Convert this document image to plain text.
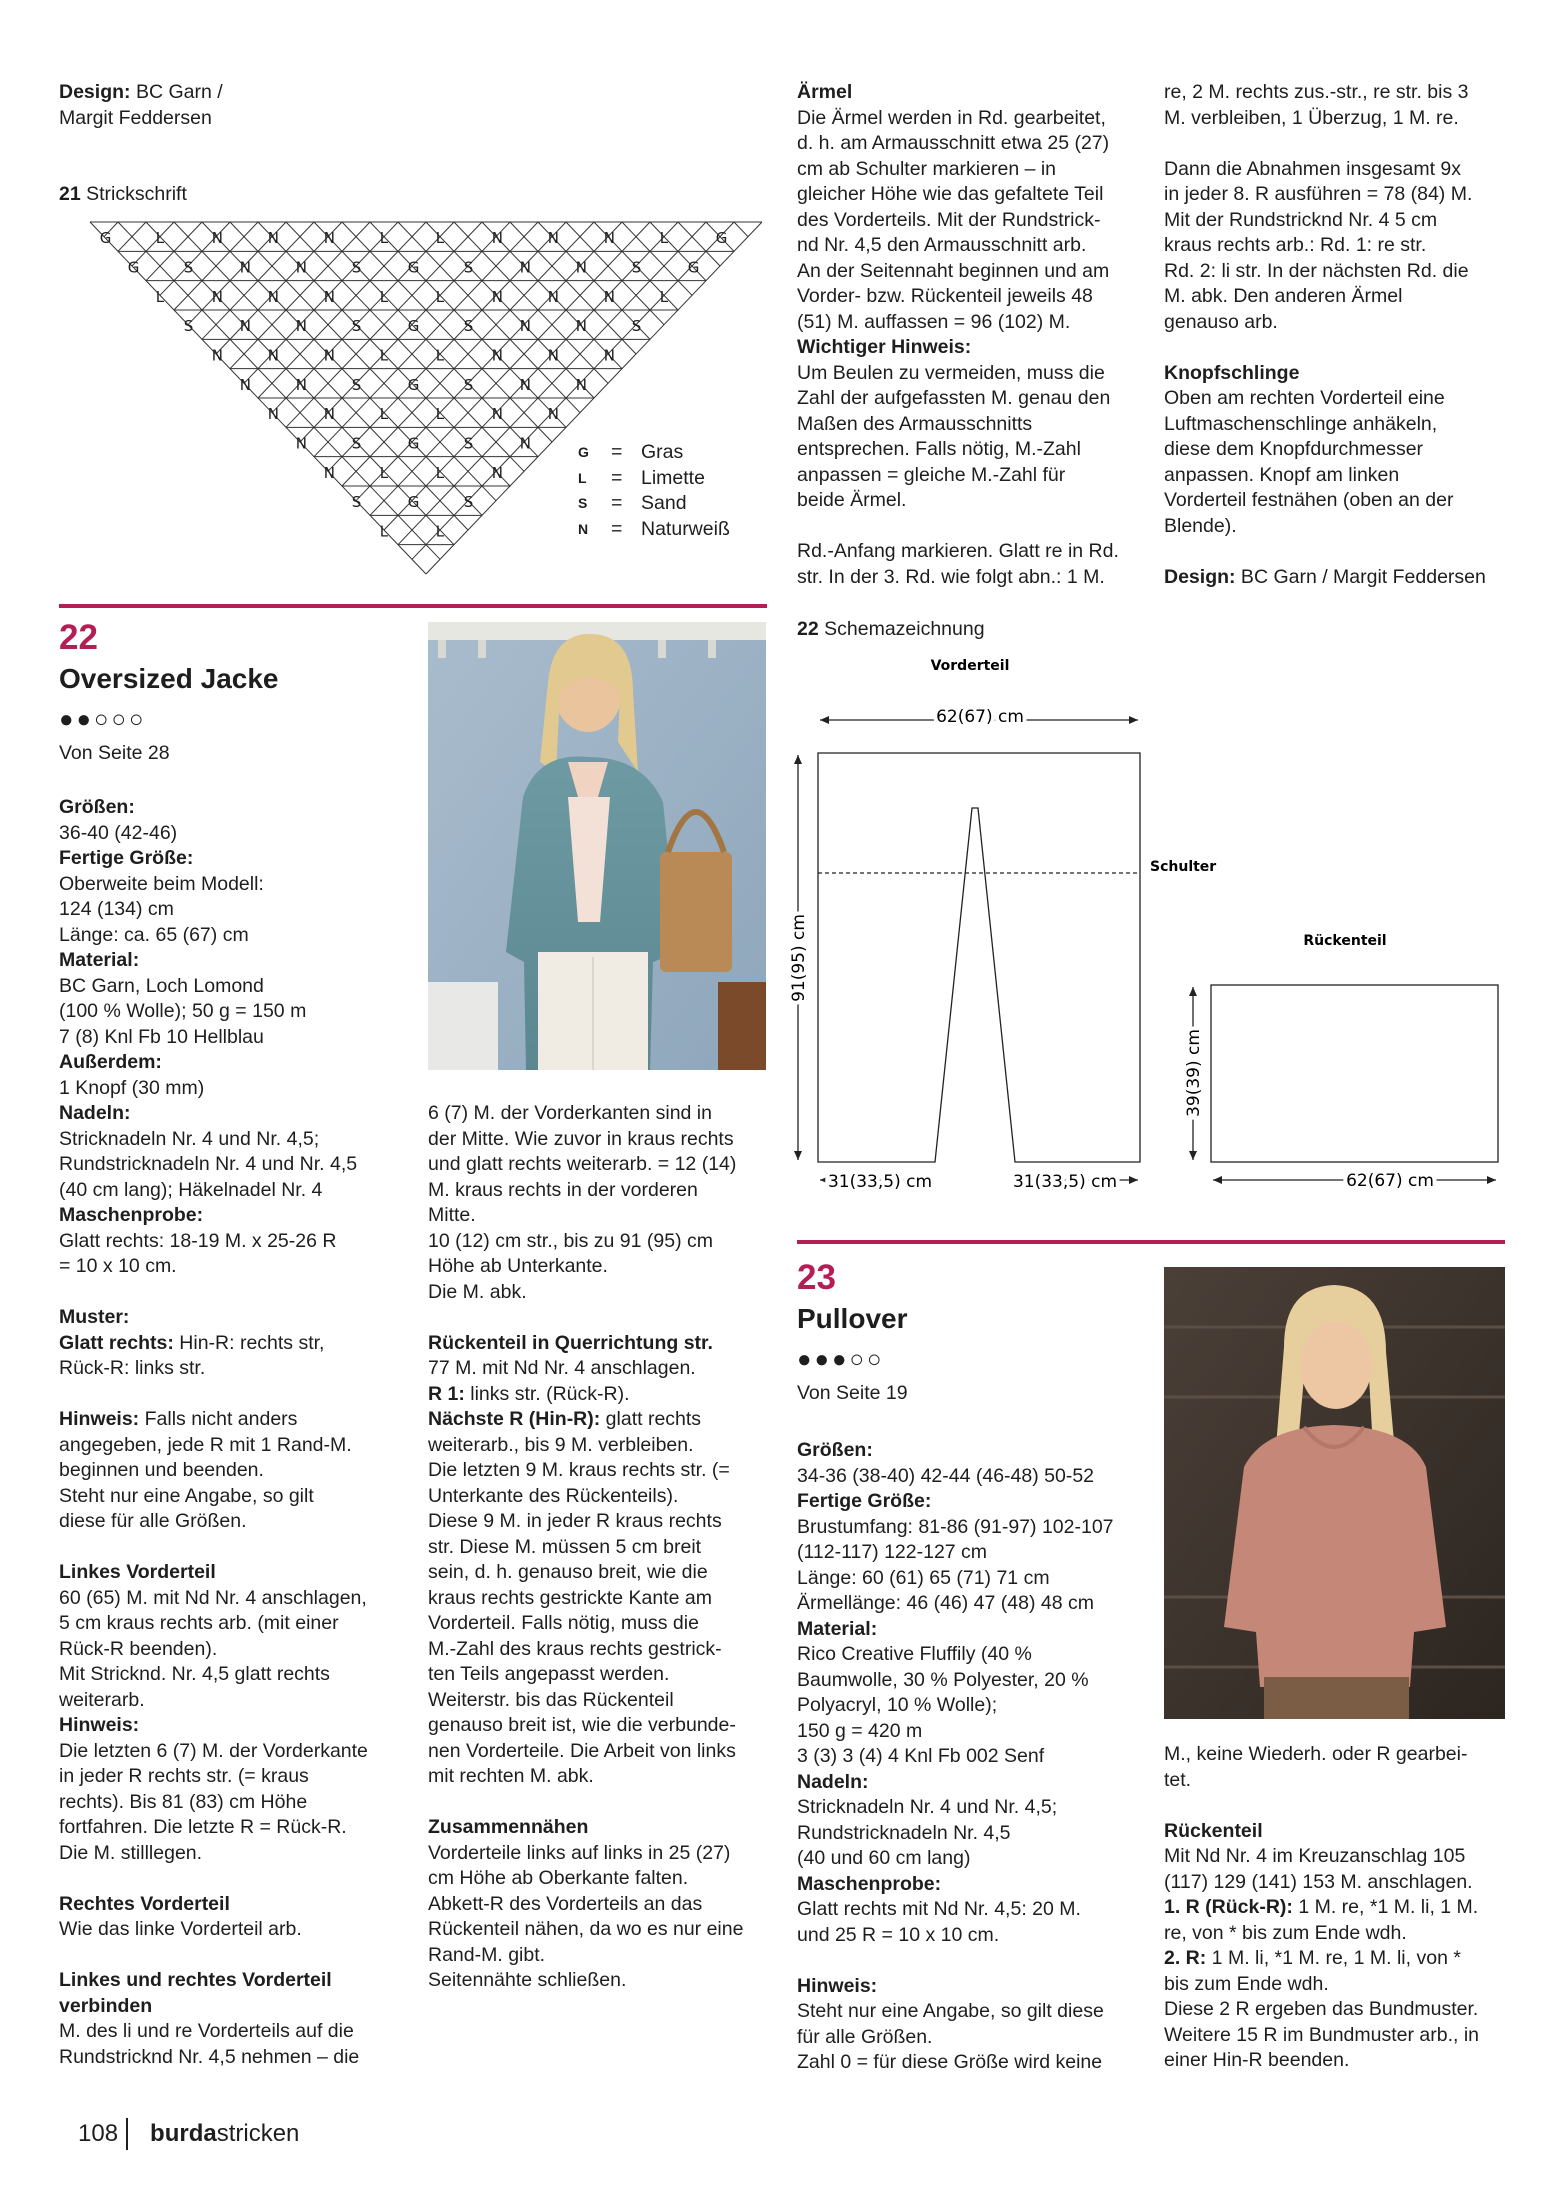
Design: BC Garn /

Margit Feddersen

21 Strickschrift

G	L	N	N	N	L	L	N	N	N	L	G
G	S	N	N	S	G	S	N	N	S	G
L	N	N	N	L	L	N	N	N	L
S	N	N	S	G	S	N	N	S
N	N	N	L	L	N	N	N
N	N	S	G	S	N	N
N	N	L	L	N	N
N	S	G	S	N
N	L	L	N
S	G	S
L	L
G	= Gras
L	= Limette
S	= Sand
N	= Naturweiß
22
Oversized Jacke
●●○○○
Von Seite 28

Größen:

36-40 (42-46)

Fertige Größe:

Oberweite beim Modell:

124 (134) cm

Länge: ca. 65 (67) cm

Material:

BC Garn, Loch Lomond

(100 % Wolle); 50 g = 150 m

7 (8) Knl Fb 10 Hellblau

Außerdem:

1 Knopf (30 mm)

Nadeln:

Stricknadeln Nr. 4 und Nr. 4,5;

Rundstricknadeln Nr. 4 und Nr. 4,5

(40 cm lang); Häkelnadel Nr. 4

Maschenprobe:

Glatt rechts: 18-19 M. x 25-26 R

= 10 x 10 cm.

Muster:

Glatt rechts: Hin-R: rechts str,

Rück-R: links str.

Hinweis: Falls nicht anders

angegeben, jede R mit 1 Rand-M.

beginnen und beenden.

Steht nur eine Angabe, so gilt

diese für alle Größen.

Linkes Vorderteil

60 (65) M. mit Nd Nr. 4 anschlagen,

5 cm kraus rechts arb. (mit einer

Rück-R beenden).

Mit Stricknd. Nr. 4,5 glatt rechts

weiterarb.

Hinweis:

Die letzten 6 (7) M. der Vorderkante

in jeder R rechts str. (= kraus

rechts). Bis 81 (83) cm Höhe

fortfahren. Die letzte R = Rück-R.

Die M. stilllegen.

Rechtes Vorderteil

Wie das linke Vorderteil arb.

Linkes und rechtes Vorderteil

verbinden

M. des li und re Vorderteils auf die

Rundstricknd Nr. 4,5 nehmen – die

6 (7) M. der Vorderkanten sind in

der Mitte. Wie zuvor in kraus rechts

und glatt rechts weiterarb. = 12 (14)

M. kraus rechts in der vorderen

Mitte.

10 (12) cm str., bis zu 91 (95) cm

Höhe ab Unterkante.

Die M. abk.

Rückenteil in Querrichtung str.

77 M. mit Nd Nr. 4 anschlagen.

R 1: links str. (Rück-R).

Nächste R (Hin-R): glatt rechts

weiterarb., bis 9 M. verbleiben.

Die letzten 9 M. kraus rechts str. (=

Unterkante des Rückenteils).

Diese 9 M. in jeder R kraus rechts

str. Diese M. müssen 5 cm breit

sein, d. h. genauso breit, wie die

kraus rechts gestrickte Kante am

Vorderteil. Falls nötig, muss die

M.-Zahl des kraus rechts gestrick-

ten Teils angepasst werden.

Weiterstr. bis das Rückenteil

genauso breit ist, wie die verbunde-

nen Vorderteile. Die Arbeit von links

mit rechten M. abk.

Zusammennähen

Vorderteile links auf links in 25 (27)

cm Höhe ab Oberkante falten.

Abkett-R des Vorderteils an das

Rückenteil nähen, da wo es nur eine

Rand-M. gibt.

Seitennähte schließen.

Ärmel

Die Ärmel werden in Rd. gearbeitet,

d. h. am Armausschnitt etwa 25 (27)

cm ab Schulter markieren – in

gleicher Höhe wie das gefaltete Teil

des Vorderteils. Mit der Rundstrick-

nd Nr. 4,5 den Armausschnitt arb.

An der Seitennaht beginnen und am

Vorder- bzw. Rückenteil jeweils 48

(51) M. auffassen = 96 (102) M.

Wichtiger Hinweis:

Um Beulen zu vermeiden, muss die

Zahl der aufgefassten M. genau den

Maßen des Armausschnitts

entsprechen. Falls nötig, M.-Zahl

anpassen = gleiche M.-Zahl für

beide Ärmel.

Rd.-Anfang markieren. Glatt re in Rd.

str. In der 3. Rd. wie folgt abn.: 1 M.

re, 2 M. rechts zus.-str., re str. bis 3

M. verbleiben, 1 Überzug, 1 M. re.

Dann die Abnahmen insgesamt 9x

in jeder 8. R ausführen = 78 (84) M.

Mit der Rundstricknd Nr. 4 5 cm

kraus rechts arb.: Rd. 1: re str.

Rd. 2: li str. In der nächsten Rd. die

M. abk. Den anderen Ärmel

genauso arb.

Knopfschlinge

Oben am rechten Vorderteil eine

Luftmaschenschlinge anhäkeln,

diese dem Knopfdurchmesser

anpassen. Knopf am linken

Vorderteil festnähen (oben an der

Blende).

Design: BC Garn / Margit Feddersen

22 Schemazeichnung

Vorderteil
62(67) cm
Schulter
91(95) cm
31(33,5) cm	31(33,5) cm
Rückenteil
39(39) cm
62(67) cm
23
Pullover
●●●○○
Von Seite 19

Größen:

34-36 (38-40) 42-44 (46-48) 50-52

Fertige Größe:

Brustumfang: 81-86 (91-97) 102-107

(112-117) 122-127 cm

Länge: 60 (61) 65 (71) 71 cm

Ärmellänge: 46 (46) 47 (48) 48 cm

Material:

Rico Creative Fluffily (40 %

Baumwolle, 30 % Polyester, 20 %

Polyacryl, 10 % Wolle);

150 g = 420 m

3 (3) 3 (4) 4 Knl Fb 002 Senf

Nadeln:

Stricknadeln Nr. 4 und Nr. 4,5;

Rundstricknadeln Nr. 4,5

(40 und 60 cm lang)

Maschenprobe:

Glatt rechts mit Nd Nr. 4,5: 20 M.

und 25 R = 10 x 10 cm.

Hinweis:

Steht nur eine Angabe, so gilt diese

für alle Größen.

Zahl 0 = für diese Größe wird keine

M., keine Wiederh. oder R gearbei-

tet.

Rückenteil

Mit Nd Nr. 4 im Kreuzanschlag 105

(117) 129 (141) 153 M. anschlagen.

1. R (Rück-R): 1 M. re, *1 M. li, 1 M.

re, von * bis zum Ende wdh.

2. R: 1 M. li, *1 M. re, 1 M. li, von *

bis zum Ende wdh.

Diese 2 R ergeben das Bundmuster.

Weitere 15 R im Bundmuster arb., in

einer Hin-R beenden.

108 burdastricken
